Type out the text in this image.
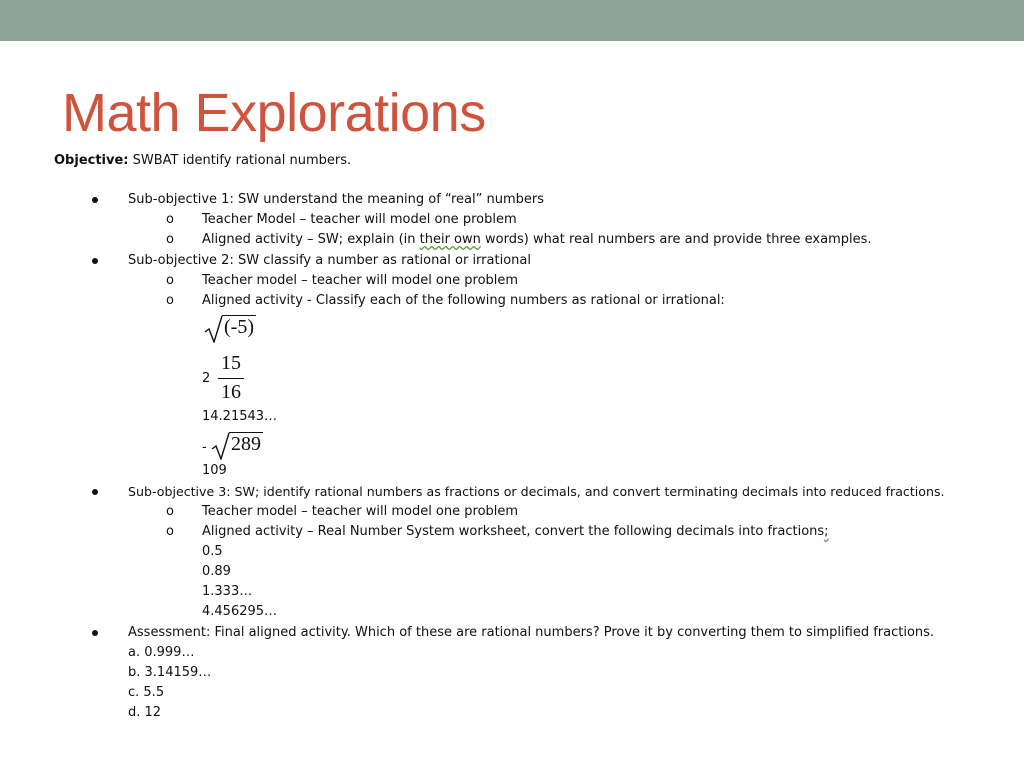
Math Explorations
Objective: SWBAT identify rational numbers.
Sub-objective 1: SW understand the meaning of “real” numbers
o Teacher Model – teacher will model one problem
o Aligned activity – SW; explain (in their own words) what real numbers are and provide three examples.
Sub-objective 2: SW classify a number as rational or irrational
o Teacher model – teacher will model one problem
o Aligned activity - Classify each of the following numbers as rational or irrational:
(-5)
2
15
16
14.21543…
-	289
109
Sub-objective 3: SW; identify rational numbers as fractions or decimals, and convert terminating decimals into reduced fractions.
o Teacher model – teacher will model one problem
o Aligned activity – Real Number System worksheet, convert the following decimals into fractions;
0.5
0.89
1.333…
4.456295…
Assessment: Final aligned activity. Which of these are rational numbers? Prove it by converting them to simplified fractions.
a. 0.999…
b. 3.14159…
c. 5.5
d. 12
